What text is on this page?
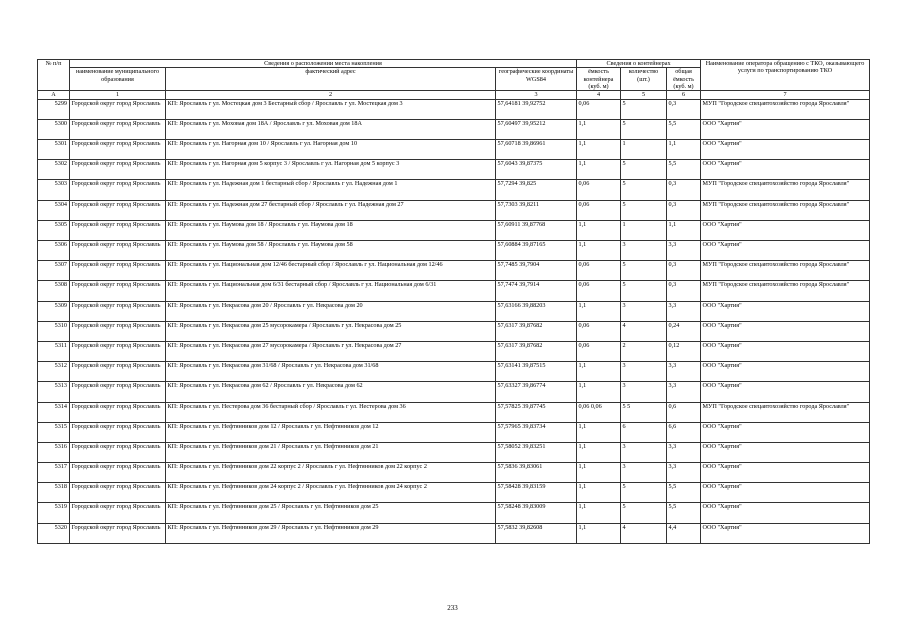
№ п/п	Сведения о расположении места накопления			Сведения о контейнерах			Наименование оператора обращению с ТКО, оказывающего услуги по транспортированию ТКО
	наименование муниципального образования	фактический адрес	географические координаты WGS84	ёмкость контейнера (куб. м)	количество (шт.)	общая ёмкость (куб. м)	
А	1	2	3	4	5	6	7
5299	Городской округ город Ярославль	КП: Ярославль г ул. Мостецкая дом 3 Бестарный сбор / Ярославль г ул. Мостецкая дом 3	57,64181 39,92752	0,06	5	0,3	МУП "Городское спецавтохозяйство города Ярославля"
5300	Городской округ город Ярославль	КП: Ярославль г ул. Моховая дом 18А / Ярославль г ул. Моховая дом 18А	57,60497 39,95212	1,1	5	5,5	ООО "Хартия"
5301	Городской округ город Ярославль	КП: Ярославль г ул. Нагорная дом 10 / Ярославль г ул. Нагорная дом 10	57,60718 39,86961	1,1	1	1,1	ООО "Хартия"
5302	Городской округ город Ярославль	КП: Ярославль г ул. Нагорная дом 5 корпус 3 / Ярославль г ул. Нагорная дом 5 корпус 3	57,6043 39,87375	1,1	5	5,5	ООО "Хартия"
5303	Городской округ город Ярославль	КП: Ярославль г ул. Надежная дом 1 бестарный сбор / Ярославль г ул. Надежная дом 1	57,7294 39,825	0,06	5	0,3	МУП "Городское спецавтохозяйство города Ярославля"
5304	Городской округ город Ярославль	КП: Ярославль г ул. Надежная дом 27 бестарный сбор / Ярославль г ул. Надежная дом 27	57,7303 39,8211	0,06	5	0,3	МУП "Городское спецавтохозяйство города Ярославля"
5305	Городской округ город Ярославль	КП: Ярославль г ул. Наумова дом 18 / Ярославль г ул. Наумова дом 18	57,60911 39,87768	1,1	1	1,1	ООО "Хартия"
5306	Городской округ город Ярославль	КП: Ярославль г ул. Наумова дом 58 / Ярославль г ул. Наумова дом 58	57,60884 39,87165	1,1	3	3,3	ООО "Хартия"
5307	Городской округ город Ярославль	КП: Ярославль г ул. Национальная дом 12/46 бестарный сбор / Ярославль г ул. Национальная дом 12/46	57,7485 39,7904	0,06	5	0,3	МУП "Городское спецавтохозяйство города Ярославля"
5308	Городской округ город Ярославль	КП: Ярославль г ул. Национальная дом 6/31 бестарный сбор / Ярославль г ул. Национальная дом 6/31	57,7474 39,7914	0,06	5	0,3	МУП "Городское спецавтохозяйство города Ярославля"
5309	Городской округ город Ярославль	КП: Ярославль г ул. Некрасова дом 20 / Ярославль г ул. Некрасова дом 20	57,63166 39,88203	1,1	3	3,3	ООО "Хартия"
5310	Городской округ город Ярославль	КП: Ярославль г ул. Некрасова дом 25 мусорокамера / Ярославль г ул. Некрасова дом 25	57,6317 39,87682	0,06	4	0,24	ООО "Хартия"
5311	Городской округ город Ярославль	КП: Ярославль г ул. Некрасова дом 27 мусорокамера / Ярославль г ул. Некрасова дом 27	57,6317 39,87682	0,06	2	0,12	ООО "Хартия"
5312	Городской округ город Ярославль	КП: Ярославль г ул. Некрасова дом 31/68 / Ярославль г ул. Некрасова дом 31/68	57,63141 39,87515	1,1	3	3,3	ООО "Хартия"
5313	Городской округ город Ярославль	КП: Ярославль г ул. Некрасова дом 62 / Ярославль г ул. Некрасова дом 62	57,63327 39,86774	1,1	3	3,3	ООО "Хартия"
5314	Городской округ город Ярославль	КП: Ярославль г ул. Нестерова дом 36 бестарный сбор / Ярославль г ул. Нестерова дом 36	57,57825 39,87745	0,06 0,06	5 5	0,6	МУП "Городское спецавтохозяйство города Ярославля"
5315	Городской округ город Ярославль	КП: Ярославль г ул. Нефтянников дом 12 / Ярославль г ул. Нефтянников дом 12	57,57965 39,83734	1,1	6	6,6	ООО "Хартия"
5316	Городской округ город Ярославль	КП: Ярославль г ул. Нефтянников дом 21 / Ярославль г ул. Нефтянников дом 21	57,58052 39,83251	1,1	3	3,3	ООО "Хартия"
5317	Городской округ город Ярославль	КП: Ярославль г ул. Нефтянников дом 22 корпус 2 / Ярославль г ул. Нефтянников дом 22 корпус 2	57,5836 39,83061	1,1	3	3,3	ООО "Хартия"
5318	Городской округ город Ярославль	КП: Ярославль г ул. Нефтянников дом 24 корпус 2 / Ярославль г ул. Нефтянников дом 24 корпус 2	57,58428 39,83159	1,1	5	5,5	ООО "Хартия"
5319	Городской округ город Ярославль	КП: Ярославль г ул. Нефтянников дом 25 / Ярославль г ул. Нефтянников дом 25	57,58248 39,83009	1,1	5	5,5	ООО "Хартия"
5320	Городской округ город Ярославль	КП: Ярославль г ул. Нефтянников дом 29 / Ярославль г ул. Нефтянников дом 29	57,5832 39,82608	1,1	4	4,4	ООО "Хартия"
233
